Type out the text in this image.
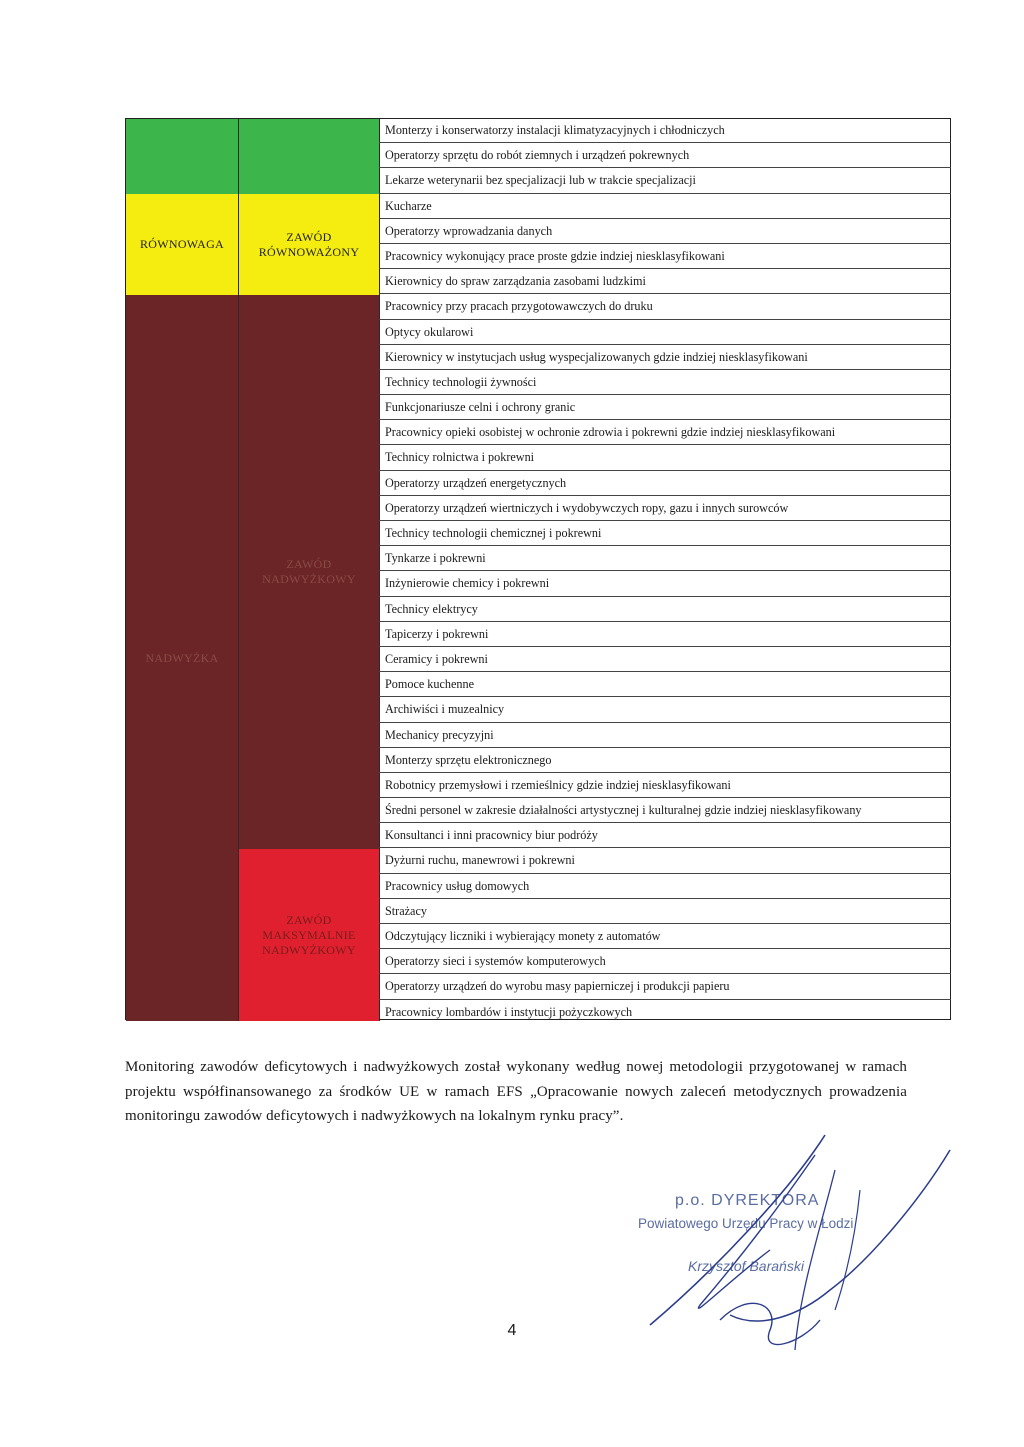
RÓWNOWAGA
NADWYŻKA
ZAWÓD RÓWNOWAŻONY
ZAWÓD NADWYŻKOWY
ZAWÓD MAKSYMALNIE NADWYŻKOWY
Monterzy i konserwatorzy instalacji klimatyzacyjnych i chłodniczych
Operatorzy sprzętu do robót ziemnych i urządzeń pokrewnych
Lekarze weterynarii bez specjalizacji lub w trakcie specjalizacji
Kucharze
Operatorzy wprowadzania danych
Pracownicy wykonujący prace proste gdzie indziej niesklasyfikowani
Kierownicy do spraw zarządzania zasobami ludzkimi
Pracownicy przy pracach przygotowawczych do druku
Optycy okularowi
Kierownicy w instytucjach usług wyspecjalizowanych gdzie indziej niesklasyfikowani
Technicy technologii żywności
Funkcjonariusze celni i ochrony granic
Pracownicy opieki osobistej w ochronie zdrowia i pokrewni gdzie indziej niesklasyfikowani
Technicy rolnictwa i pokrewni
Operatorzy urządzeń energetycznych
Operatorzy urządzeń wiertniczych i wydobywczych ropy, gazu i innych surowców
Technicy technologii chemicznej i pokrewni
Tynkarze i pokrewni
Inżynierowie chemicy i pokrewni
Technicy elektrycy
Tapicerzy i pokrewni
Ceramicy i pokrewni
Pomoce kuchenne
Archiwiści i muzealnicy
Mechanicy precyzyjni
Monterzy sprzętu elektronicznego
Robotnicy przemysłowi i rzemieślnicy gdzie indziej niesklasyfikowani
Średni personel w zakresie działalności artystycznej i kulturalnej gdzie indziej niesklasyfikowany
Konsultanci i inni pracownicy biur podróży
Dyżurni ruchu, manewrowi i pokrewni
Pracownicy usług domowych
Strażacy
Odczytujący liczniki i wybierający monety z automatów
Operatorzy sieci i systemów komputerowych
Operatorzy urządzeń do wyrobu masy papierniczej i produkcji papieru
Pracownicy lombardów i instytucji pożyczkowych

Monitoring zawodów deficytowych i nadwyżkowych został wykonany według nowej metodologii przygotowanej w ramach projektu współfinansowanego za środków UE w ramach EFS „Opracowanie nowych zaleceń metodycznych prowadzenia monitoringu zawodów deficytowych i nadwyżkowych na lokalnym rynku pracy”.

p.o. DYREKTORA
Powiatowego Urzędu Pracy w Łodzi
Krzysztof Barański
4
